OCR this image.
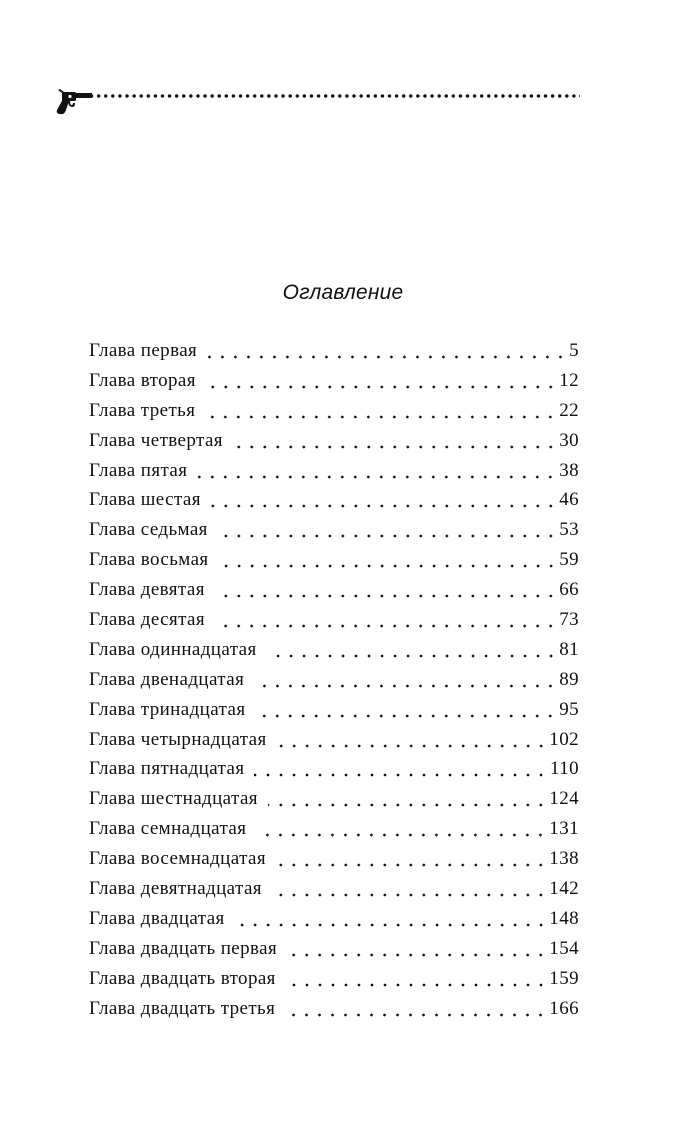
Оглавление
Глава первая	5
Глава вторая	12
Глава третья	22
Глава четвертая	30
Глава пятая	38
Глава шестая	46
Глава седьмая	53
Глава восьмая	59
Глава девятая	66
Глава десятая	73
Глава одиннадцатая	81
Глава двенадцатая	89
Глава тринадцатая	95
Глава четырнадцатая	102
Глава пятнадцатая	110
Глава шестнадцатая	124
Глава семнадцатая	131
Глава восемнадцатая	138
Глава девятнадцатая	142
Глава двадцатая	148
Глава двадцать первая	154
Глава двадцать вторая	159
Глава двадцать третья	166
